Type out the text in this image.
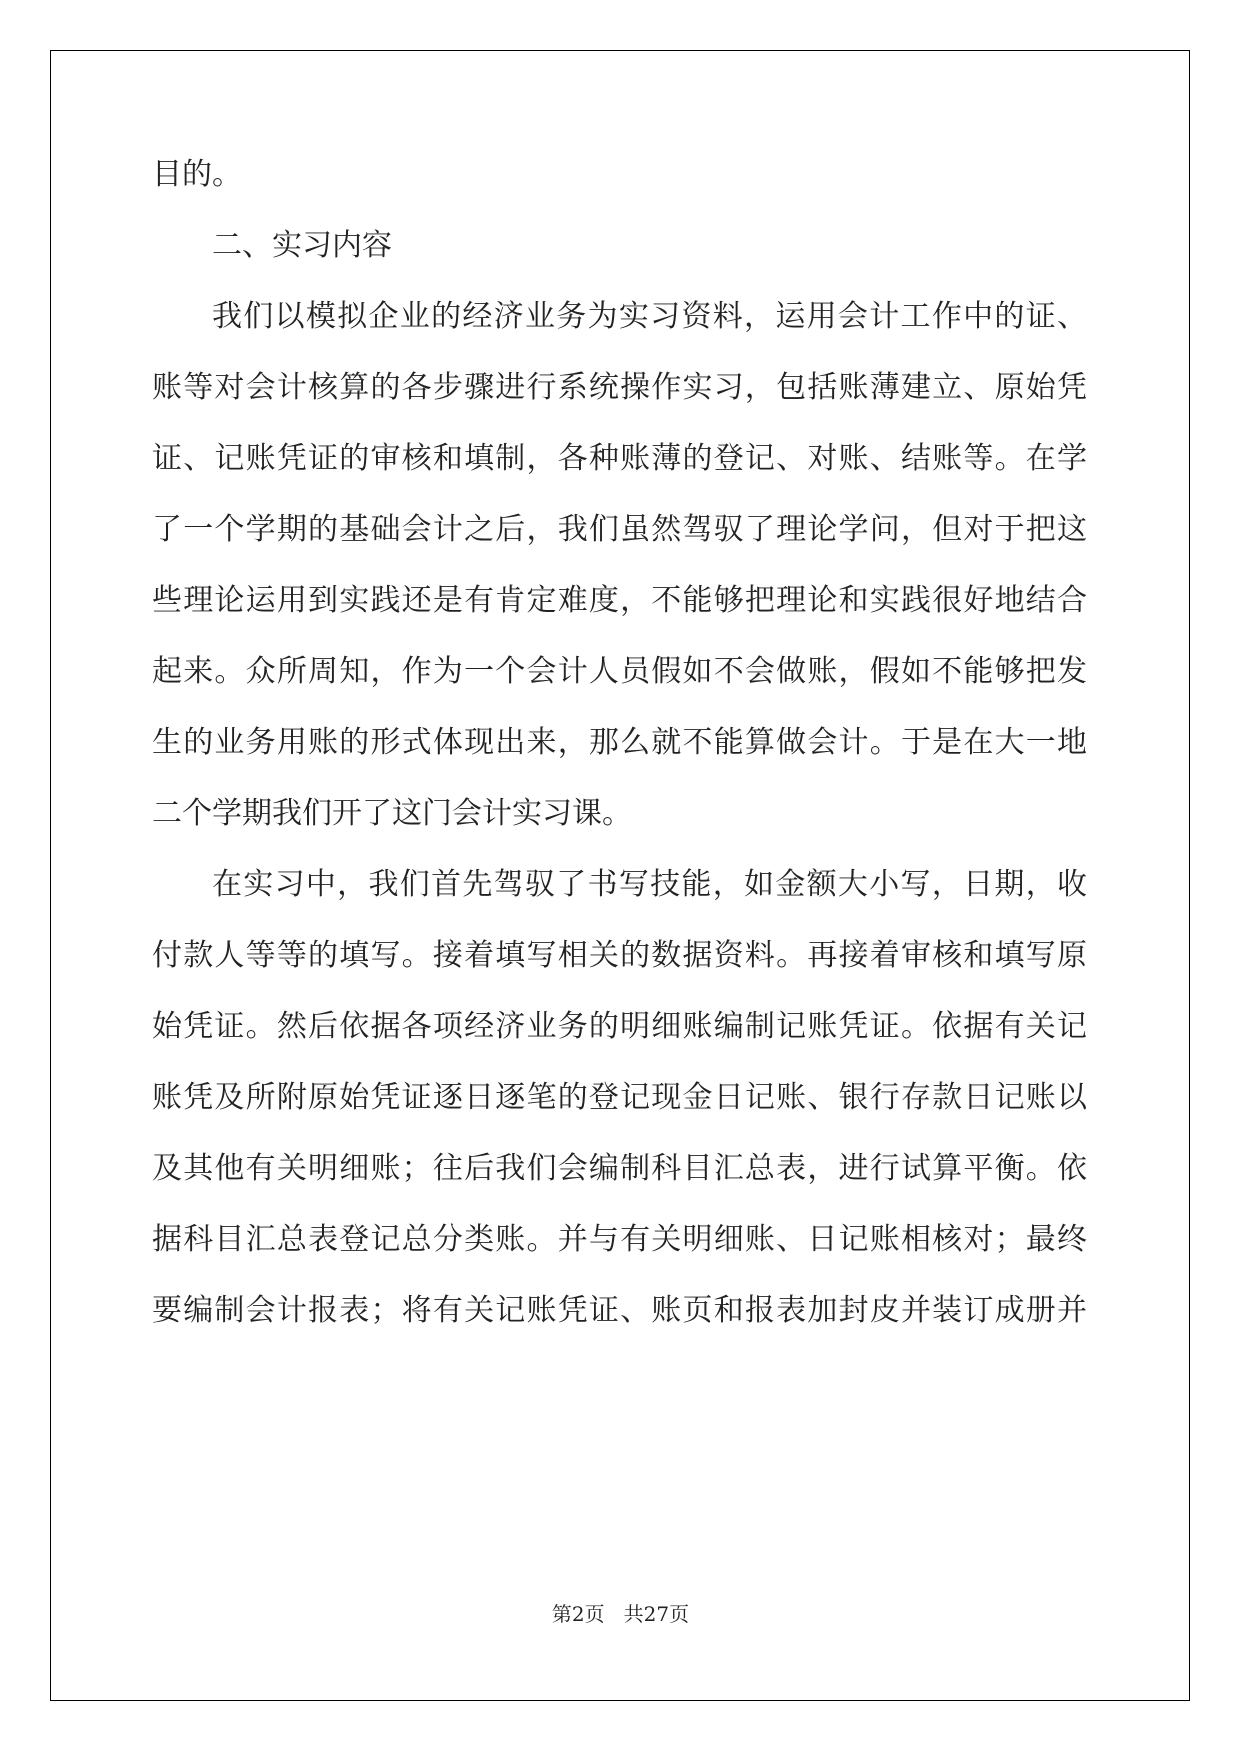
目的。
二、实习内容
我们以模拟企业的经济业务为实习资料，运用会计工作中的证、
账等对会计核算的各步骤进行系统操作实习，包括账薄建立、原始凭
证、记账凭证的审核和填制，各种账薄的登记、对账、结账等。在学
了一个学期的基础会计之后，我们虽然驾驭了理论学问，但对于把这
些理论运用到实践还是有肯定难度，不能够把理论和实践很好地结合
起来。众所周知，作为一个会计人员假如不会做账，假如不能够把发
生的业务用账的形式体现出来，那么就不能算做会计。于是在大一地
二个学期我们开了这门会计实习课。
在实习中，我们首先驾驭了书写技能，如金额大小写，日期，收
付款人等等的填写。接着填写相关的数据资料。再接着审核和填写原
始凭证。然后依据各项经济业务的明细账编制记账凭证。依据有关记
账凭及所附原始凭证逐日逐笔的登记现金日记账、银行存款日记账以
及其他有关明细账；往后我们会编制科目汇总表，进行试算平衡。依
据科目汇总表登记总分类账。并与有关明细账、日记账相核对；最终
要编制会计报表；将有关记账凭证、账页和报表加封皮并装订成册并
第2页   共27页
